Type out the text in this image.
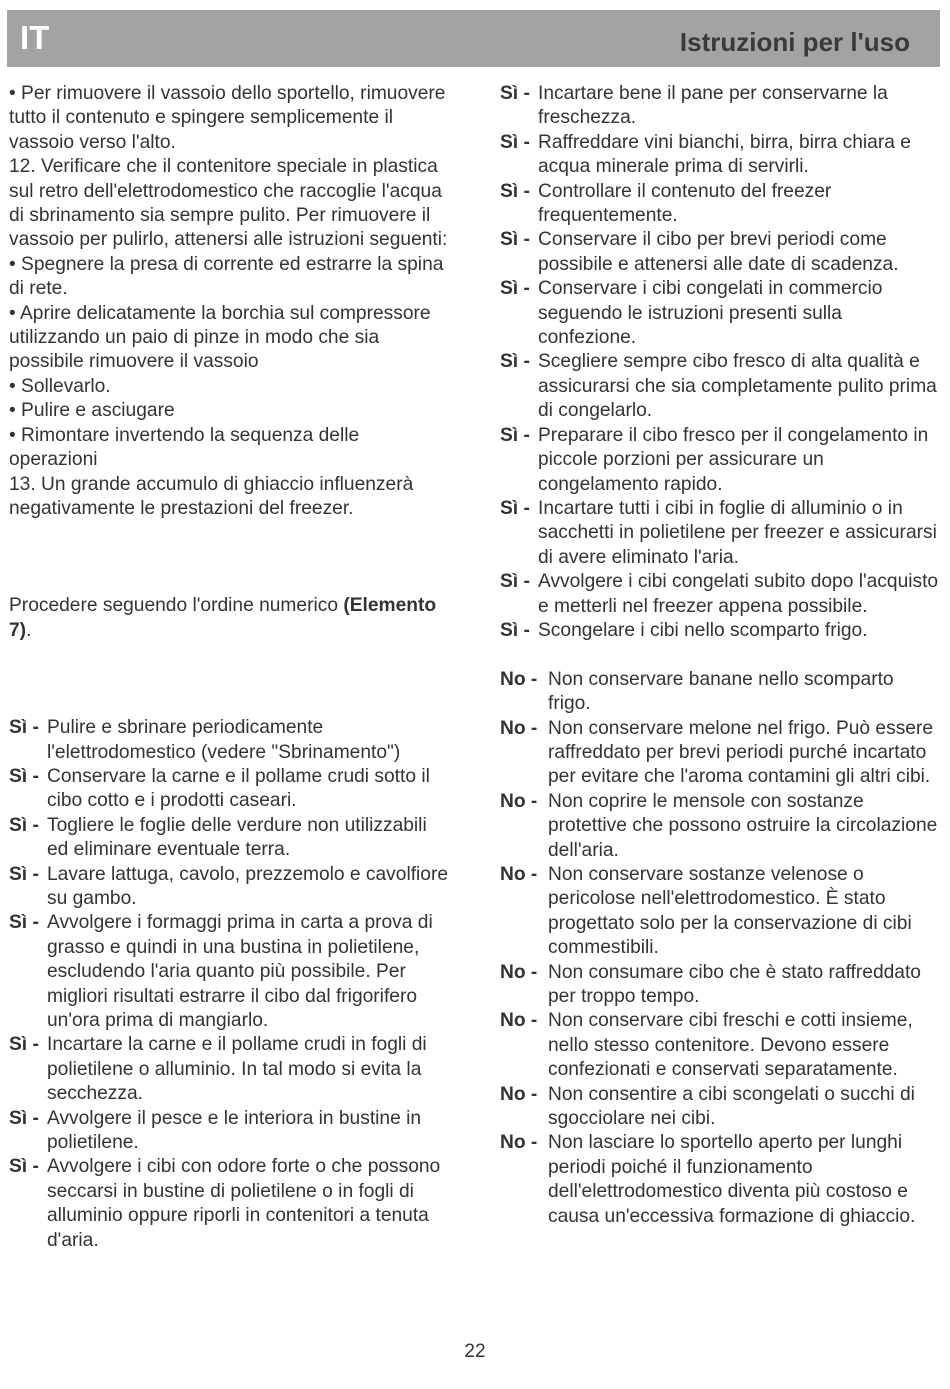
IT	Istruzioni per l'uso

• Per rimuovere il vassoio dello sportello, rimuovere tutto il contenuto e spingere semplicemente il vassoio verso l'alto.

12. Verificare che il contenitore speciale in plastica sul retro dell'elettrodomestico che raccoglie l'acqua di sbrinamento sia sempre pulito. Per rimuovere il vassoio per pulirlo, attenersi alle istruzioni seguenti:

• Spegnere la presa di corrente ed estrarre la spina di rete.

• Aprire delicatamente la borchia sul compressore utilizzando un paio di pinze in modo che sia possibile rimuovere il vassoio

• Sollevarlo.

• Pulire e asciugare

• Rimontare invertendo la sequenza delle operazioni

13. Un grande accumulo di ghiaccio influenzerà negativamente le prestazioni del freezer.

Procedere seguendo l'ordine numerico (Elemento 7).

Sì - Pulire e sbrinare periodicamente l'elettrodomestico (vedere "Sbrinamento")
Sì - Conservare la carne e il pollame crudi sotto il cibo cotto e i prodotti caseari.
Sì - Togliere le foglie delle verdure non utilizzabili ed eliminare eventuale terra.
Sì - Lavare lattuga, cavolo, prezzemolo e cavolfiore su gambo.
Sì - Avvolgere i formaggi prima in carta a prova di grasso e quindi in una bustina in polietilene, escludendo l'aria quanto più possibile. Per migliori risultati estrarre il cibo dal frigorifero un'ora prima di mangiarlo.
Sì - Incartare la carne e il pollame crudi in fogli di polietilene o alluminio. In tal modo si evita la secchezza.
Sì - Avvolgere il pesce e le interiora in bustine in polietilene.
Sì - Avvolgere i cibi con odore forte o che possono seccarsi in bustine di polietilene o in fogli di alluminio oppure riporli in contenitori a tenuta d'aria.
Sì - Incartare bene il pane per conservarne la freschezza.
Sì - Raffreddare vini bianchi, birra, birra chiara e acqua minerale prima di servirli.
Sì - Controllare il contenuto del freezer frequentemente.
Sì - Conservare il cibo per brevi periodi come possibile e attenersi alle date di scadenza.
Sì - Conservare i cibi congelati in commercio seguendo le istruzioni presenti sulla confezione.
Sì - Scegliere sempre cibo fresco di alta qualità e assicurarsi che sia completamente pulito prima di congelarlo.
Sì - Preparare il cibo fresco per il congelamento in piccole porzioni per assicurare un congelamento rapido.
Sì - Incartare tutti i cibi in foglie di alluminio o in sacchetti in polietilene per freezer e assicurarsi di avere eliminato l'aria.
Sì - Avvolgere i cibi congelati subito dopo l'acquisto e metterli nel freezer appena possibile.
Sì - Scongelare i cibi nello scomparto frigo.
No - Non conservare banane nello scomparto frigo.
No - Non conservare melone nel frigo. Può essere raffreddato per brevi periodi purché incartato per evitare che l'aroma contamini gli altri cibi.
No - Non coprire le mensole con sostanze protettive che possono ostruire la circolazione dell'aria.
No - Non conservare sostanze velenose o pericolose nell'elettrodomestico. È stato progettato solo per la conservazione di cibi commestibili.
No - Non consumare cibo che è stato raffreddato per troppo tempo.
No - Non conservare cibi freschi e cotti insieme, nello stesso contenitore. Devono essere confezionati e conservati separatamente.
No - Non consentire a cibi scongelati o succhi di sgocciolare nei cibi.
No - Non lasciare lo sportello aperto per lunghi periodi poiché il funzionamento dell'elettrodomestico diventa più costoso e causa un'eccessiva formazione di ghiaccio.
22
